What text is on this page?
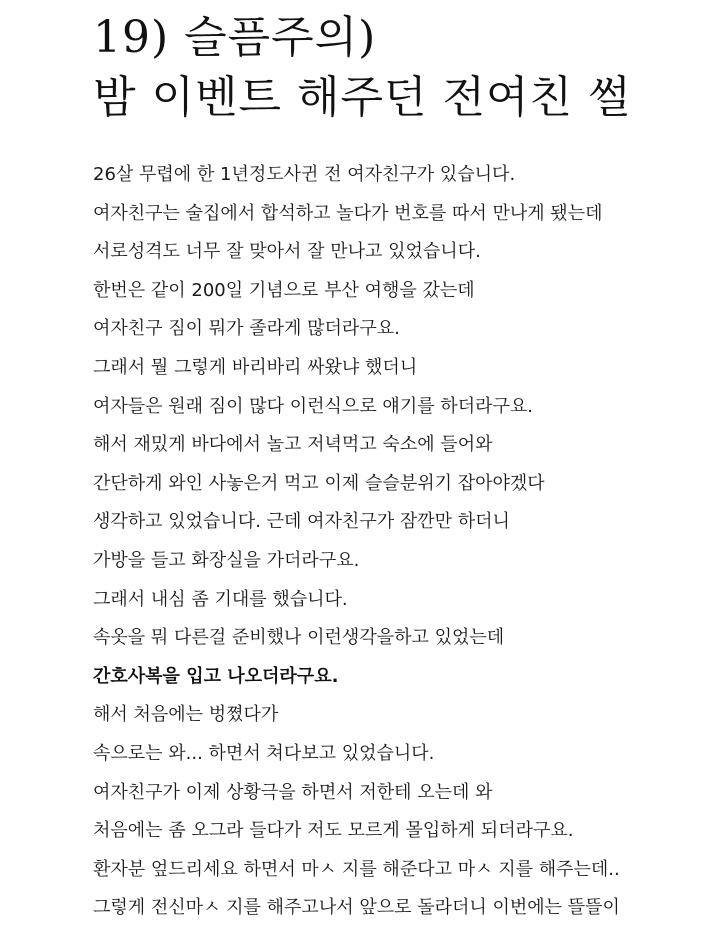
19) 슬픔주의)
밤 이벤트 해주던 전여친 썰
26살 무렵에 한 1년정도사귄 전 여자친구가 있습니다.
여자친구는 술집에서 합석하고 놀다가 번호를 따서 만나게 됐는데
서로성격도 너무 잘 맞아서 잘 만나고 있었습니다.
한번은 같이 200일 기념으로 부산 여행을 갔는데
여자친구 짐이 뭐가 졸라게 많더라구요.
그래서 뭘 그렇게 바리바리 싸왔냐 했더니
여자들은 원래 짐이 많다 이런식으로 얘기를 하더라구요.
해서 재밌게 바다에서 놀고 저녁먹고 숙소에 들어와
간단하게 와인 사놓은거 먹고 이제 슬슬분위기 잡아야겠다
생각하고 있었습니다. 근데 여자친구가 잠깐만 하더니
가방을 들고 화장실을 가더라구요.
그래서 내심 좀 기대를 했습니다.
속옷을 뭐 다른걸 준비했나 이런생각을하고 있었는데
간호사복을 입고 나오더라구요.
해서 처음에는 벙쪘다가
속으로는 와... 하면서 쳐다보고 있었습니다.
여자친구가 이제 상황극을 하면서 저한테 오는데 와
처음에는 좀 오그라 들다가 저도 모르게 몰입하게 되더라구요.
환자분 엎드리세요 하면서 마ㅅ 지를 해준다고 마ㅅ 지를 해주는데..
그렇게 전신마ㅅ 지를 해주고나서 앞으로 돌라더니 이번에는 뜰뜰이
